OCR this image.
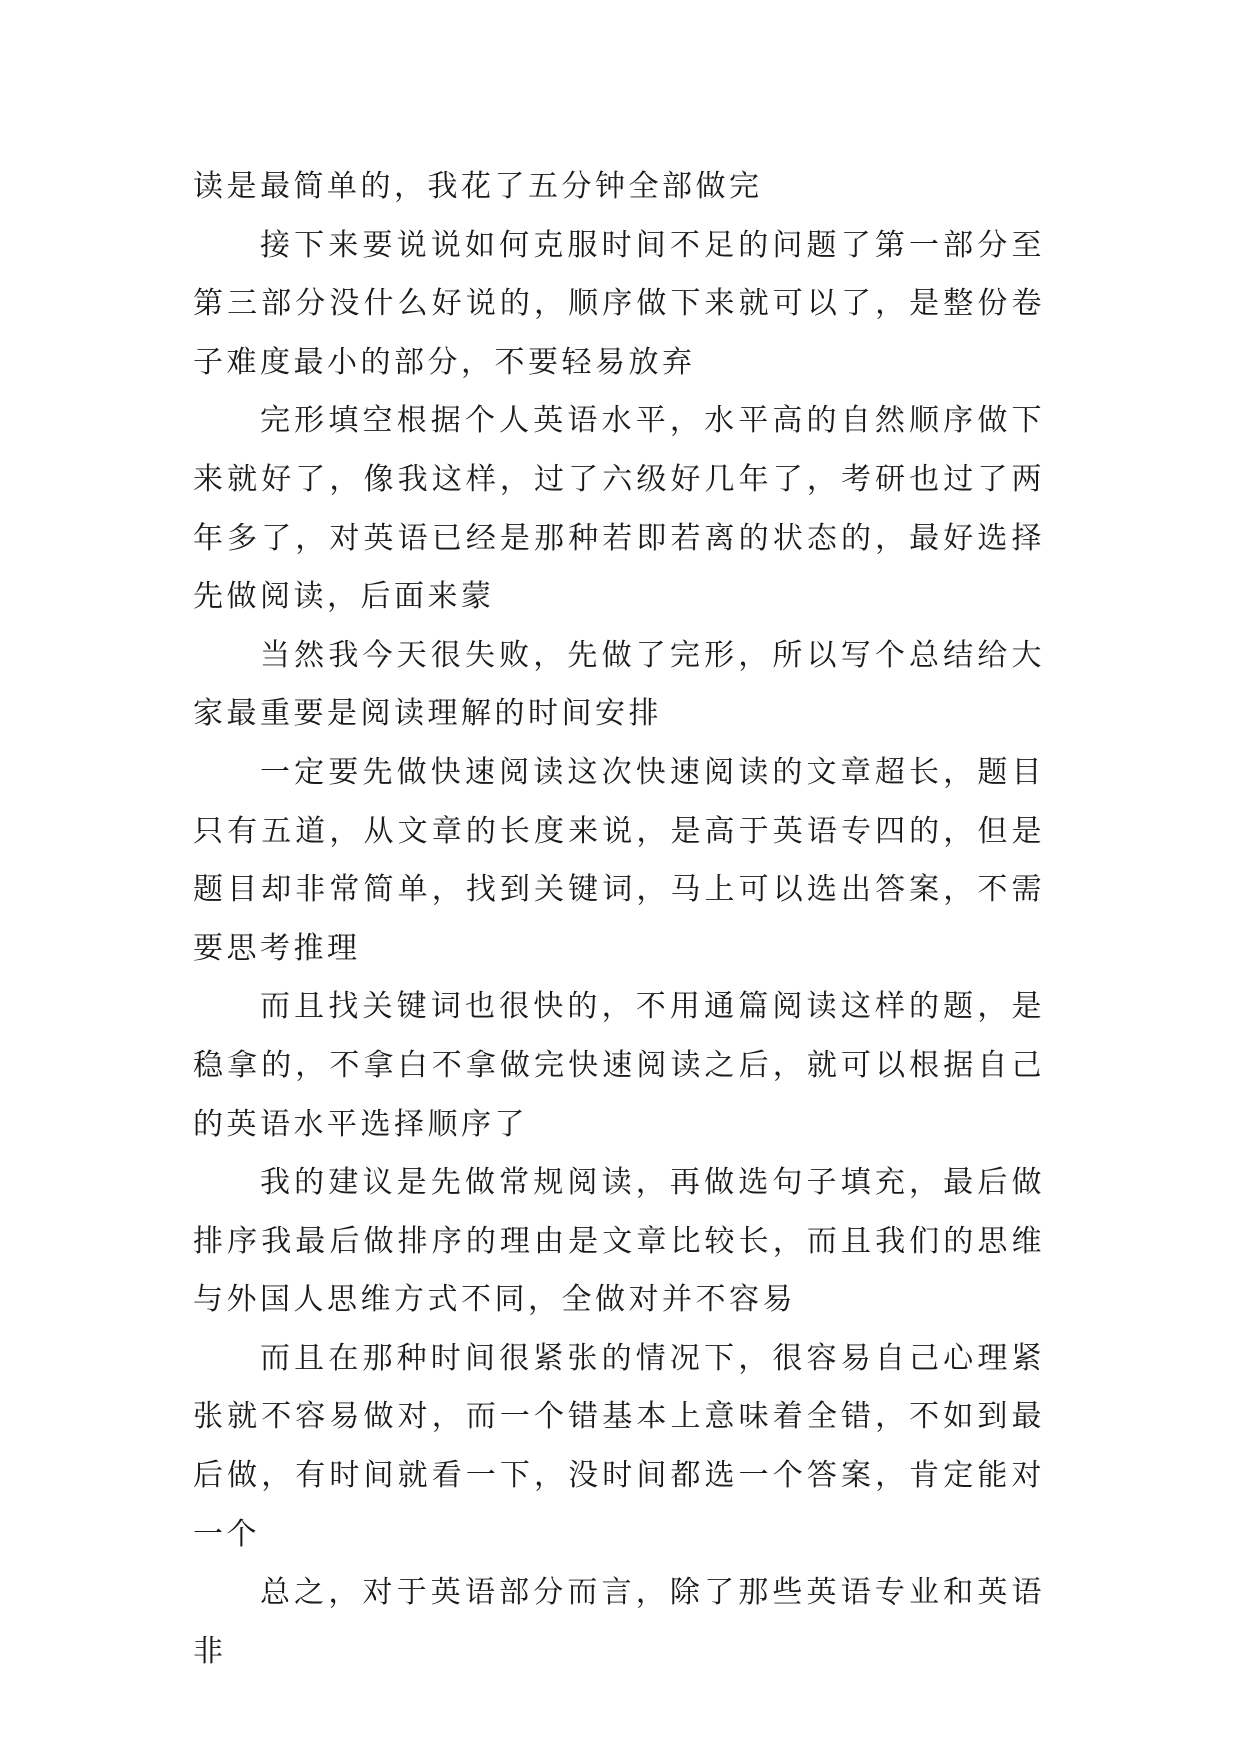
读是最简单的，我花了五分钟全部做完

接下来要说说如何克服时间不足的问题了第一部分至第三部分没什么好说的，顺序做下来就可以了，是整份卷子难度最小的部分，不要轻易放弃

完形填空根据个人英语水平，水平高的自然顺序做下来就好了，像我这样，过了六级好几年了，考研也过了两年多了，对英语已经是那种若即若离的状态的，最好选择先做阅读，后面来蒙

当然我今天很失败，先做了完形，所以写个总结给大家最重要是阅读理解的时间安排

一定要先做快速阅读这次快速阅读的文章超长，题目只有五道，从文章的长度来说，是高于英语专四的，但是题目却非常简单，找到关键词，马上可以选出答案，不需要思考推理

而且找关键词也很快的，不用通篇阅读这样的题，是稳拿的，不拿白不拿做完快速阅读之后，就可以根据自己的英语水平选择顺序了

我的建议是先做常规阅读，再做选句子填充，最后做排序我最后做排序的理由是文章比较长，而且我们的思维与外国人思维方式不同，全做对并不容易

而且在那种时间很紧张的情况下，很容易自己心理紧张就不容易做对，而一个错基本上意味着全错，不如到最后做，有时间就看一下，没时间都选一个答案，肯定能对一个

总之，对于英语部分而言，除了那些英语专业和英语非
